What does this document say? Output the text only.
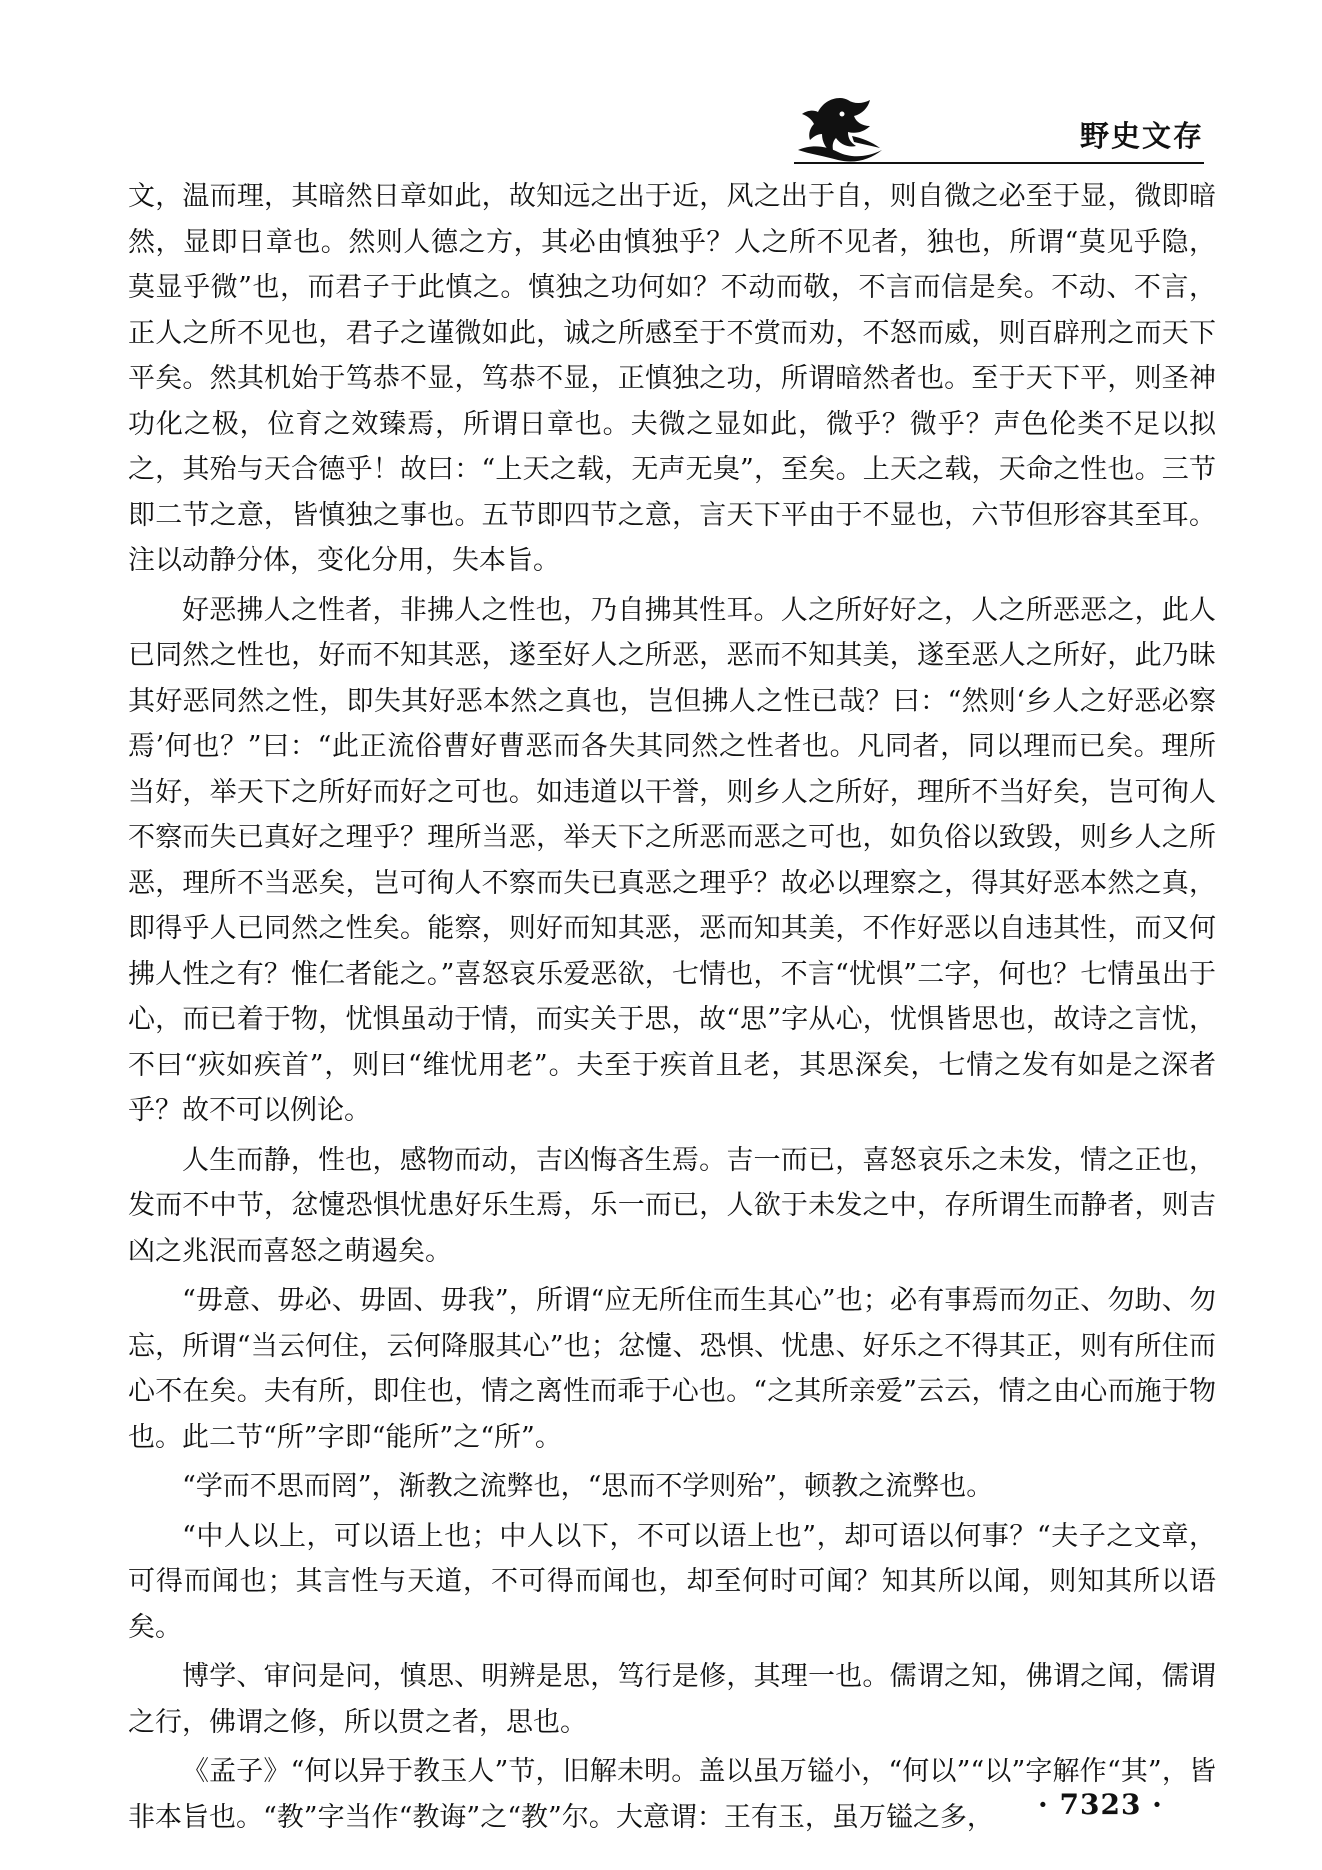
野史文存

文，温而理，其暗然日章如此，故知远之出于近，风之出于自，则自微之必至于显，微即暗然，显即日章也。然则人德之方，其必由慎独乎？人之所不见者，独也，所谓“莫见乎隐，莫显乎微”也，而君子于此慎之。慎独之功何如？不动而敬，不言而信是矣。不动、不言，正人之所不见也，君子之谨微如此，诚之所感至于不赏而劝，不怒而威，则百辟刑之而天下平矣。然其机始于笃恭不显，笃恭不显，正慎独之功，所谓暗然者也。至于天下平，则圣神功化之极，位育之效臻焉，所谓日章也。夫微之显如此，微乎？微乎？声色伦类不足以拟之，其殆与天合德乎！故曰：“上天之载，无声无臭”，至矣。上天之载，天命之性也。三节即二节之意，皆慎独之事也。五节即四节之意，言天下平由于不显也，六节但形容其至耳。注以动静分体，变化分用，失本旨。

好恶拂人之性者，非拂人之性也，乃自拂其性耳。人之所好好之，人之所恶恶之，此人已同然之性也，好而不知其恶，遂至好人之所恶，恶而不知其美，遂至恶人之所好，此乃昧其好恶同然之性，即失其好恶本然之真也，岂但拂人之性已哉？曰：“然则‘乡人之好恶必察焉’何也？”曰：“此正流俗曹好曹恶而各失其同然之性者也。凡同者，同以理而已矣。理所当好，举天下之所好而好之可也。如违道以干誉，则乡人之所好，理所不当好矣，岂可徇人不察而失已真好之理乎？理所当恶，举天下之所恶而恶之可也，如负俗以致毁，则乡人之所恶，理所不当恶矣，岂可徇人不察而失已真恶之理乎？故必以理察之，得其好恶本然之真，即得乎人已同然之性矣。能察，则好而知其恶，恶而知其美，不作好恶以自违其性，而又何拂人性之有？惟仁者能之。”喜怒哀乐爱恶欲，七情也，不言“忧惧”二字，何也？七情虽出于心，而已着于物，忧惧虽动于情，而实关于思，故“思”字从心，忧惧皆思也，故诗之言忧，不曰“疢如疾首”，则曰“维忧用老”。夫至于疾首且老，其思深矣，七情之发有如是之深者乎？故不可以例论。

人生而静，性也，感物而动，吉凶悔吝生焉。吉一而已，喜怒哀乐之未发，情之正也，发而不中节，忿懥恐惧忧患好乐生焉，乐一而已，人欲于未发之中，存所谓生而静者，则吉凶之兆泯而喜怒之萌遏矣。

“毋意、毋必、毋固、毋我”，所谓“应无所住而生其心”也；必有事焉而勿正、勿助、勿忘，所谓“当云何住，云何降服其心”也；忿懥、恐惧、忧患、好乐之不得其正，则有所住而心不在矣。夫有所，即住也，情之离性而乖于心也。“之其所亲爱”云云，情之由心而施于物也。此二节“所”字即“能所”之“所”。

“学而不思而罔”，渐教之流弊也，“思而不学则殆”，顿教之流弊也。

“中人以上，可以语上也；中人以下，不可以语上也”，却可语以何事？“夫子之文章，可得而闻也；其言性与天道，不可得而闻也，却至何时可闻？知其所以闻，则知其所以语矣。

博学、审问是问，慎思、明辨是思，笃行是修，其理一也。儒谓之知，佛谓之闻，儒谓之行，佛谓之修，所以贯之者，思也。

《孟子》“何以异于教玉人”节，旧解未明。盖以虽万镒小，“何以”“以”字解作“其”，皆非本旨也。“教”字当作“教诲”之“教”尔。大意谓：王有玉，虽万镒之多，	· 7323 ·
